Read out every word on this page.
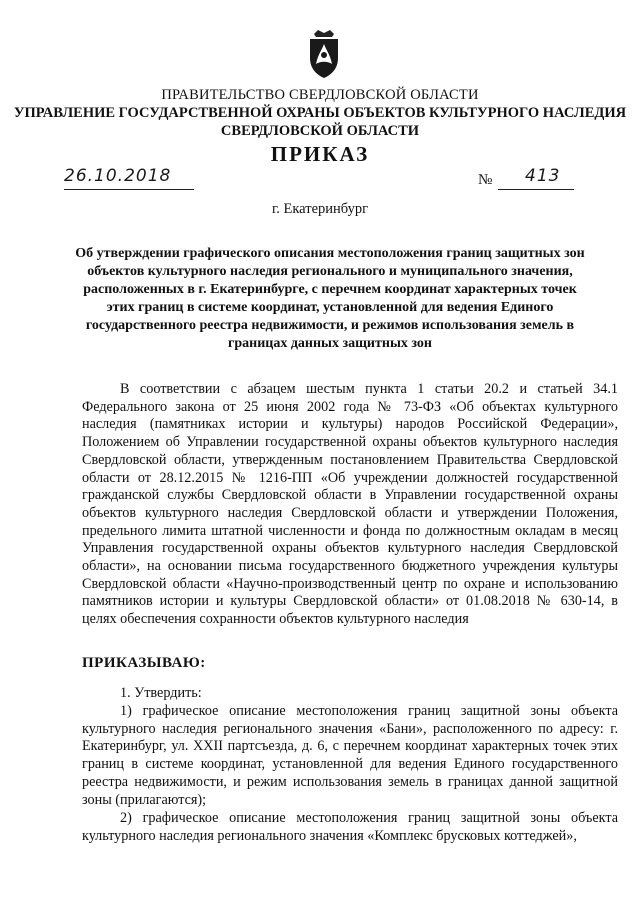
ПРАВИТЕЛЬСТВО СВЕРДЛОВСКОЙ ОБЛАСТИ
УПРАВЛЕНИЕ ГОСУДАРСТВЕННОЙ ОХРАНЫ ОБЪЕКТОВ КУЛЬТУРНОГО НАСЛЕДИЯ
СВЕРДЛОВСКОЙ ОБЛАСТИ
ПРИКАЗ
26.10.2018	№ 413
г. Екатеринбург
Об утверждении графического описания местоположения границ защитных зон объектов культурного наследия регионального и муниципального значения, расположенных в г. Екатеринбурге, с перечнем координат характерных точек этих границ в системе координат, установленной для ведения Единого государственного реестра недвижимости, и режимов использования земель в границах данных защитных зон
В соответствии с абзацем шестым пункта 1 статьи 20.2 и статьей 34.1 Федерального закона от 25 июня 2002 года № 73-ФЗ «Об объектах культурного наследия (памятниках истории и культуры) народов Российской Федерации», Положением об Управлении государственной охраны объектов культурного наследия Свердловской области, утвержденным постановлением Правительства Свердловской области от 28.12.2015 № 1216-ПП «Об учреждении должностей государственной гражданской службы Свердловской области в Управлении государственной охраны объектов культурного наследия Свердловской области и утверждении Положения, предельного лимита штатной численности и фонда по должностным окладам в месяц Управления государственной охраны объектов культурного наследия Свердловской области», на основании письма государственного бюджетного учреждения культуры Свердловской области «Научно-производственный центр по охране и использованию памятников истории и культуры Свердловской области» от 01.08.2018 № 630-14, в целях обеспечения сохранности объектов культурного наследия
ПРИКАЗЫВАЮ:
1. Утвердить:
1) графическое описание местоположения границ защитной зоны объекта культурного наследия регионального значения «Бани», расположенного по адресу: г. Екатеринбург, ул. XXII партсъезда, д. 6, с перечнем координат характерных точек этих границ в системе координат, установленной для ведения Единого государственного реестра недвижимости, и режим использования земель в границах данной защитной зоны (прилагаются);
2) графическое описание местоположения границ защитной зоны объекта культурного наследия регионального значения «Комплекс брусковых коттеджей»,
